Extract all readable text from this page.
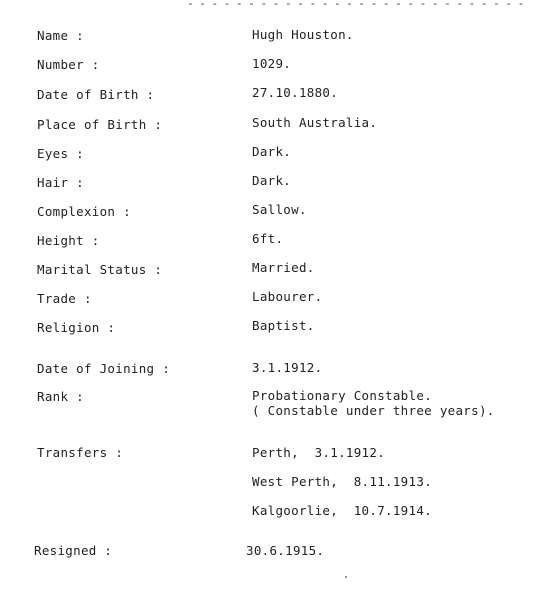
- - - - - - - - - - - - - - - - - - - - - - - - - - - -
Name :	Hugh Houston.
Number :	1029.
Date of Birth :	27.10.1880.
Place of Birth :	South Australia.
Eyes :	Dark.
Hair :	Dark.
Complexion :	Sallow.
Height :	6ft.
Marital Status :	Married.
Trade :	Labourer.
Religion :	Baptist.
Date of Joining :	3.1.1912.
Rank :	Probationary Constable.
( Constable under three years).
Transfers :	Perth,  3.1.1912.
West Perth,  8.11.1913.
Kalgoorlie,  10.7.1914.
Resigned :	30.6.1915.
